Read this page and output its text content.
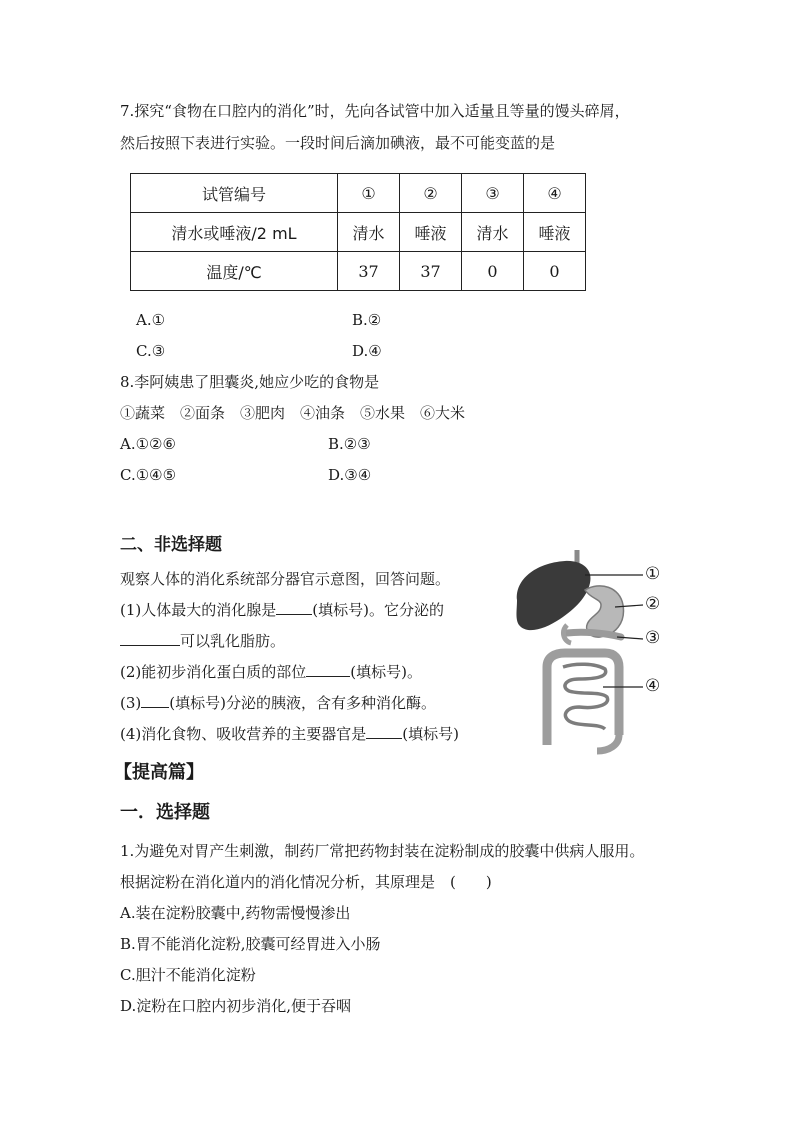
7.探究“食物在口腔内的消化”时，先向各试管中加入适量且等量的馒头碎屑，
然后按照下表进行实验。一段时间后滴加碘液，最不可能变蓝的是
试管编号	①	②	③	④
清水或唾液/2 mL	清水	唾液	清水	唾液
温度/℃	37	37	0	0
A.①	B.②
C.③	D.④
8.李阿姨患了胆囊炎,她应少吃的食物是
①蔬菜　②面条　③肥肉　④油条　⑤水果　⑥大米
A.①②⑥	B.②③
C.①④⑤	D.③④
二、非选择题
观察人体的消化系统部分器官示意图，回答问题。
(1)人体最大的消化腺是 (填标号)。它分泌的
可以乳化脂肪。
(2)能初步消化蛋白质的部位	(填标号)。
(3) (填标号)分泌的胰液，含有多种消化酶。
(4)消化食物、吸收营养的主要器官是 (填标号)
①
②
③
④
【提高篇】
一．选择题
1.为避免对胃产生刺激，制药厂常把药物封装在淀粉制成的胶囊中供病人服用。
根据淀粉在消化道内的消化情况分析，其原理是　(　　)
A.装在淀粉胶囊中,药物需慢慢渗出
B.胃不能消化淀粉,胶囊可经胃进入小肠
C.胆汁不能消化淀粉
D.淀粉在口腔内初步消化,便于吞咽
